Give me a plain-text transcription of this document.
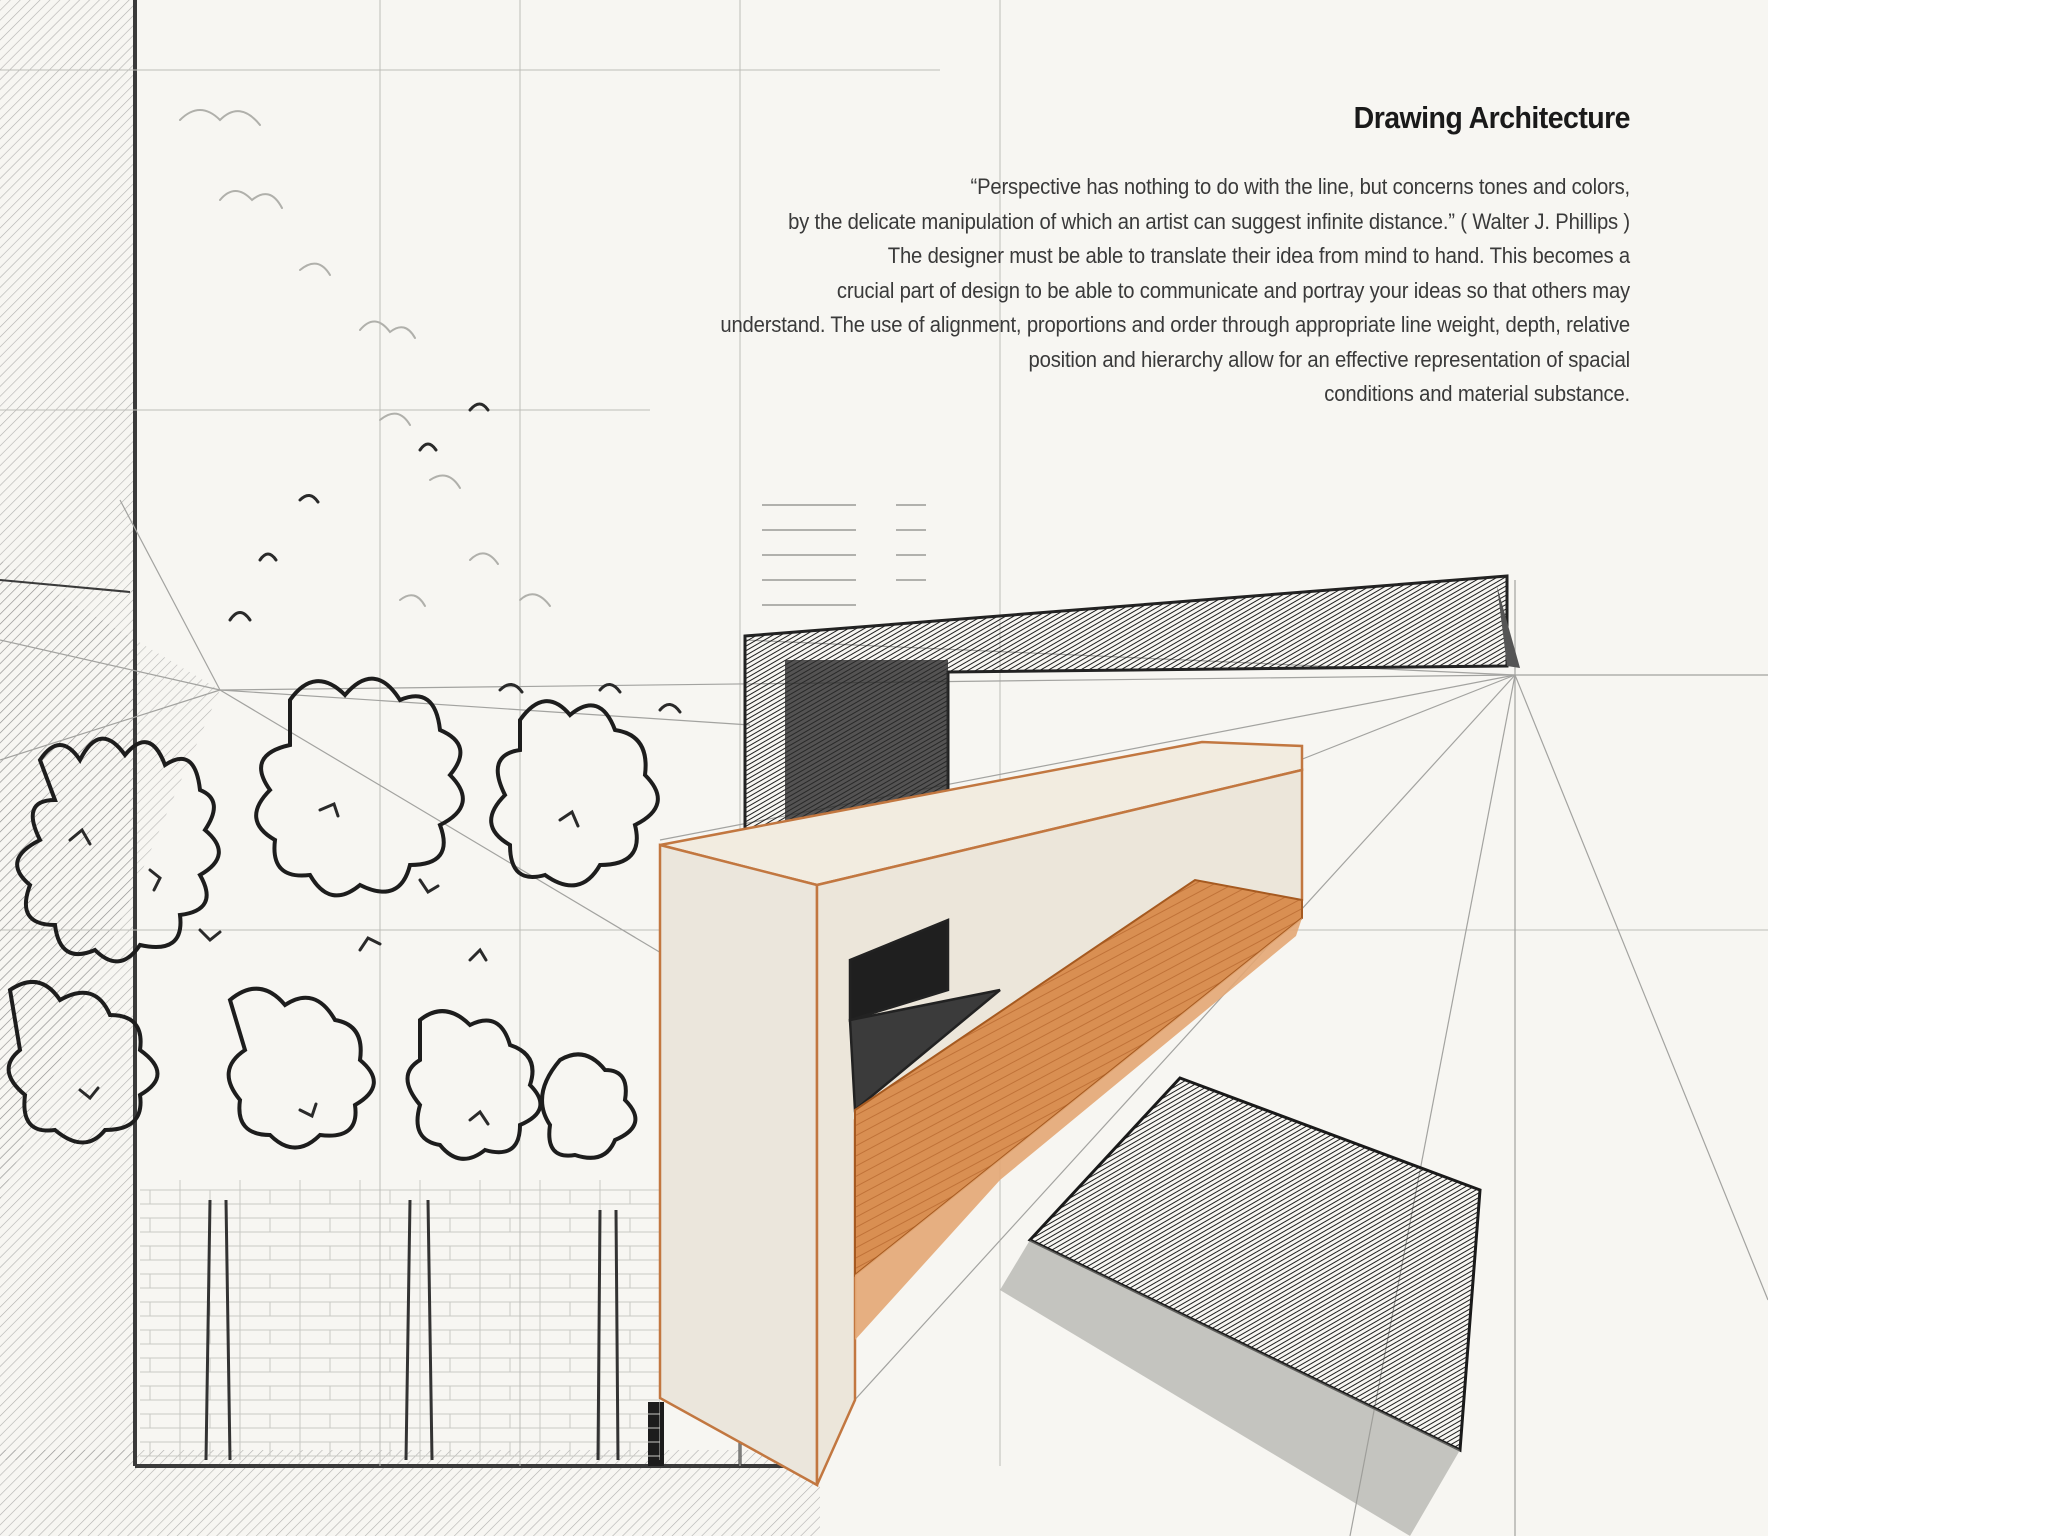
Drawing Architecture
“Perspective has nothing to do with the line, but concerns tones and colors,
by the delicate manipulation of which an artist can suggest infinite distance.” ( Walter J. Phillips )
The designer must be able to translate their idea from mind to hand. This becomes a
crucial part of design to be able to communicate and portray your ideas so that others may
understand. The use of alignment, proportions and order through appropriate line weight, depth, relative
position and hierarchy allow for an effective representation of spacial
conditions and material substance.
